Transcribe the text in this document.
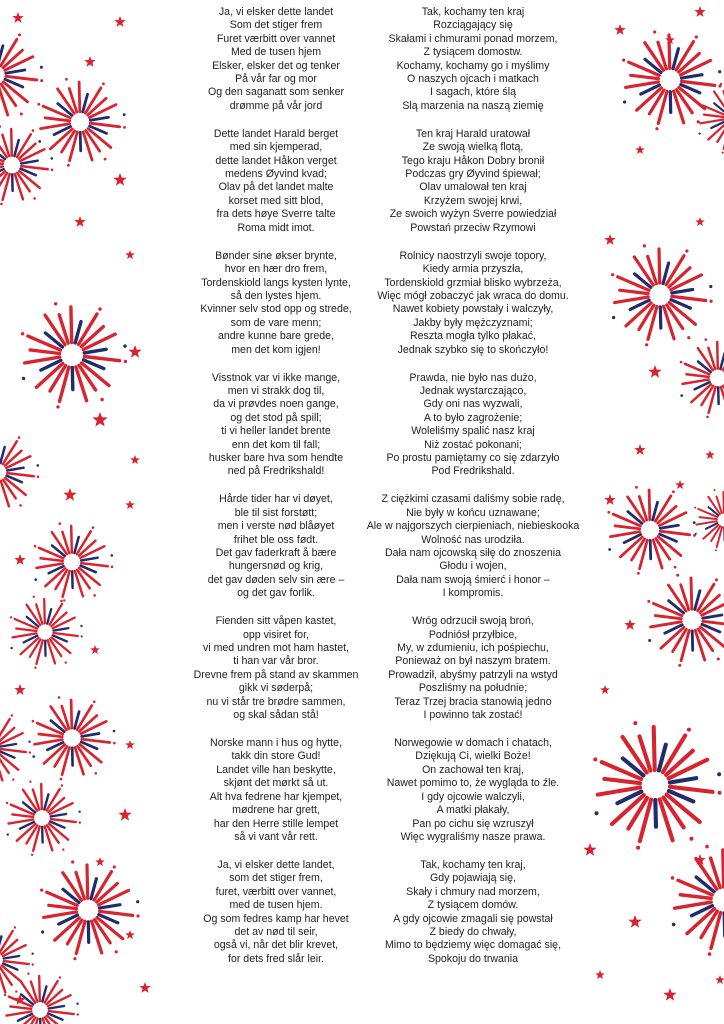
Ja, vi elsker dette landet
Som det stiger frem
Furet værbitt over vannet
Med de tusen hjem
Elsker, elsker det og tenker
På vår far og mor
Og den saganatt som senker
drømme på vår jord
Dette landet Harald berget
med sin kjemperad,
dette landet Håkon verget
medens Øyvind kvad;
Olav på det landet malte
korset med sitt blod,
fra dets høye Sverre talte
Roma midt imot.
Bønder sine økser brynte,
hvor en hær dro frem,
Tordenskiold langs kysten lynte,
så den lystes hjem.
Kvinner selv stod opp og strede,
som de vare menn;
andre kunne bare grede,
men det kom igjen!
Visstnok var vi ikke mange,
men vi strakk dog til,
da vi prøvdes noen gange,
og det stod på spill;
ti vi heller landet brente
enn det kom til fall;
husker bare hva som hendte
ned på Fredrikshald!
Hårde tider har vi døyet,
ble til sist forstøtt;
men i verste nød blåøyet
frihet ble oss født.
Det gav faderkraft å bære
hungersnød og krig,
det gav døden selv sin ære –
og det gav forlik.
Fienden sitt våpen kastet,
opp visiret for,
vi med undren mot ham hastet,
ti han var vår bror.
Drevne frem på stand av skammen
gikk vi søderpå;
nu vi står tre brødre sammen,
og skal sådan stå!
Norske mann i hus og hytte,
takk din store Gud!
Landet ville han beskytte,
skjønt det mørkt så ut.
Alt hva fedrene har kjempet,
mødrene har grett,
har den Herre stille lempet
så vi vant vår rett.
Ja, vi elsker dette landet,
som det stiger frem,
furet, værbitt over vannet,
med de tusen hjem.
Og som fedres kamp har hevet
det av nød til seir,
også vi, når det blir krevet,
for dets fred slår leir.
Tak, kochamy ten kraj
Rozciągający się
Skałami i chmurami ponad morzem,
Z tysiącem domostw.
Kochamy, kochamy go i myślimy
O naszych ojcach i matkach
I sagach, które ślą
Slą marzenia na naszą ziemię
Ten kraj Harald uratował
Ze swoją wielką flotą,
Tego kraju Håkon Dobry bronił
Podczas gry Øyvind śpiewał;
Olav umalował ten kraj
Krzyżem swojej krwi,
Ze swoich wyżyn Sverre powiedział
Powstań przeciw Rzymowi
Rolnicy naostrzyli swoje topory,
Kiedy armia przyszła,
Tordenskiold grzmiał blisko wybrzeża,
Więc mógł zobaczyć jak wraca do domu.
Nawet kobiety powstały i walczyły,
Jakby były mężczyznami;
Reszta mogła tylko płakać,
Jednak szybko się to skończyło!
Prawda, nie było nas dużo,
Jednak wystarczająco,
Gdy oni nas wyzwali,
A to było zagrożenie;
Woleliśmy spalić nasz kraj
Niż zostać pokonani;
Po prostu pamiętamy co się zdarzyło
Pod Fredrikshald.
Z ciężkimi czasami daliśmy sobie radę,
Nie były w końcu uznawane;
Ale w najgorszych cierpieniach, niebieskooka
Wolność nas urodziła.
Dała nam ojcowską siłę do znoszenia
Głodu i wojen,
Dała nam swoją śmierć i honor –
I kompromis.
Wróg odrzucił swoją broń,
Podniósł przyłbice,
My, w zdumieniu, ich pośpiechu,
Ponieważ on był naszym bratem.
Prowadził, abyśmy patrzyli na wstyd
Poszliśmy na południe;
Teraz Trzej bracia stanowią jedno
I powinno tak zostać!
Norwegowie w domach i chatach,
Dziękują Ci, wielki Boże!
On zachował ten kraj,
Nawet pomimo to, że wygląda to źle.
I gdy ojcowie walczyli,
A matki płakały,
Pan po cichu się wzruszył
Więc wygraliśmy nasze prawa.
Tak, kochamy ten kraj,
Gdy pojawiają się,
Skały i chmury nad morzem,
Z tysiącem domów.
A gdy ojcowie zmagali się powstał
Z biedy do chwały,
Mimo to będziemy więc domagać się,
Spokoju do trwania
